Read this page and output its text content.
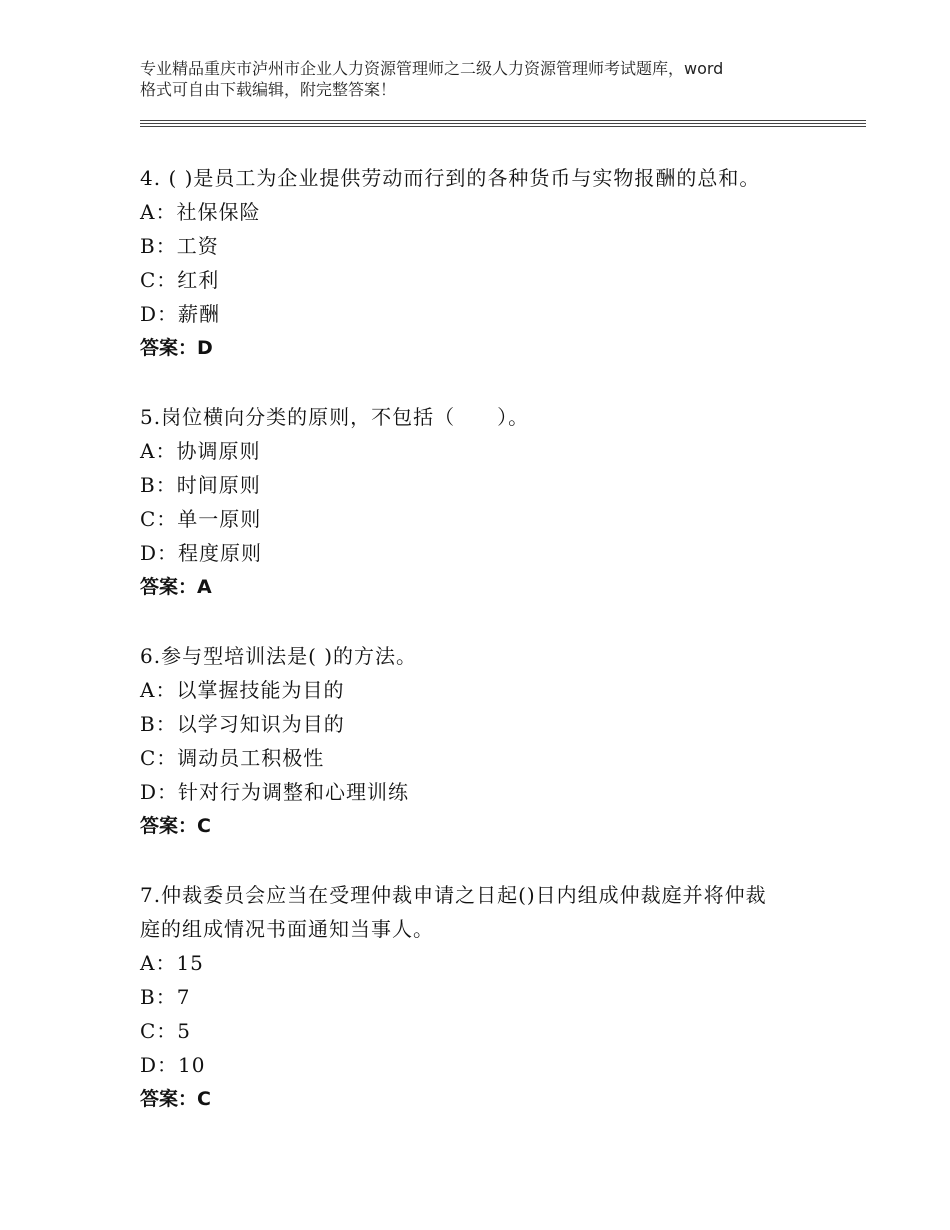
专业精品重庆市泸州市企业人力资源管理师之二级人力资源管理师考试题库，word
格式可自由下载编辑，附完整答案！

4. ( )是员工为企业提供劳动而行到的各种货币与实物报酬的总和。

A：社保保险

B：工资

C：红利

D：薪酬

答案：D

5.岗位横向分类的原则，不包括（　　）。

A：协调原则

B：时间原则

C：单一原则

D：程度原则

答案：A

6.参与型培训法是( )的方法。

A：以掌握技能为目的

B：以学习知识为目的

C：调动员工积极性

D：针对行为调整和心理训练

答案：C

7.仲裁委员会应当在受理仲裁申请之日起()日内组成仲裁庭并将仲裁

庭的组成情况书面通知当事人。

A：15

B：7

C：5

D：10

答案：C
